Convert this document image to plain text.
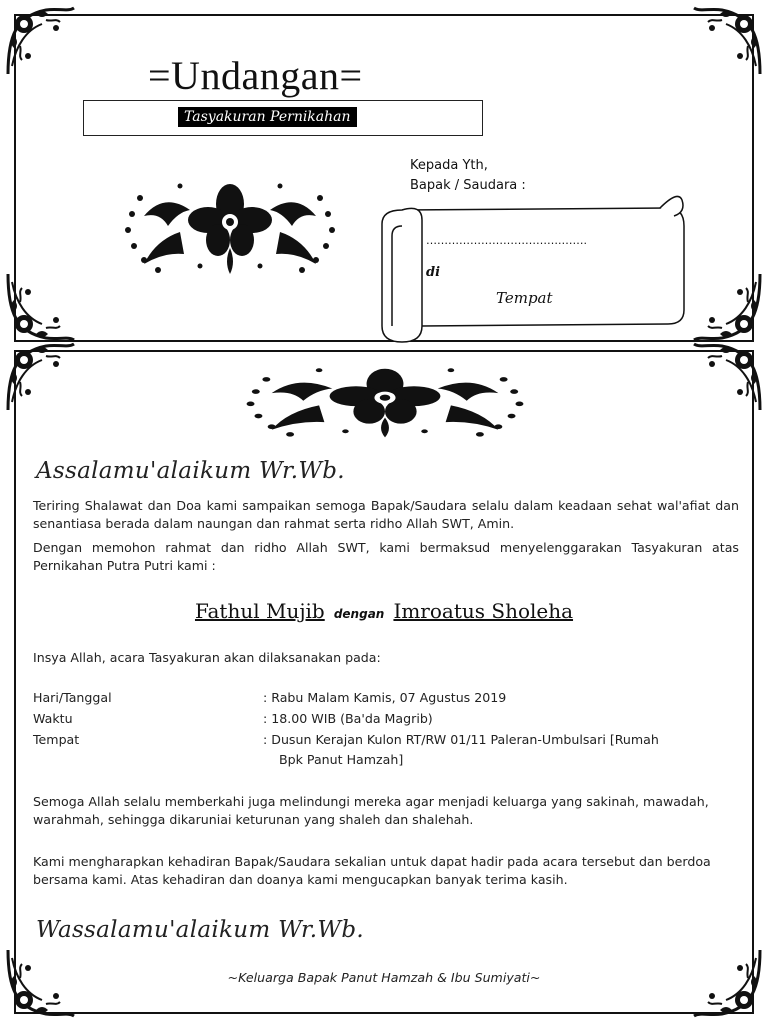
=Undangan=
Tasyakuran Pernikahan
Kepada Yth,
Bapak / Saudara :
……………………………….…….
di
Tempat
Assalamu'alaikum Wr.Wb.
Teriring Shalawat dan Doa kami sampaikan semoga Bapak/Saudara selalu dalam keadaan sehat wal'afiat dan senantiasa berada dalam naungan dan rahmat serta ridho Allah SWT, Amin.
Dengan memohon rahmat dan ridho Allah SWT, kami bermaksud menyelenggarakan Tasyakuran atas Pernikahan Putra Putri kami :
Fathul Mujib dengan Imroatus Sholeha
Insya Allah, acara Tasyakuran akan dilaksanakan pada:
Hari/Tanggal	: Rabu Malam Kamis, 07 Agustus 2019
Waktu	: 18.00 WIB (Ba'da Magrib)
Tempat	: Dusun Kerajan Kulon RT/RW 01/11 Paleran-Umbulsari [Rumah
Bpk Panut Hamzah]
Semoga Allah selalu memberkahi juga melindungi mereka agar menjadi keluarga yang sakinah, mawadah, warahmah, sehingga dikaruniai keturunan yang shaleh dan shalehah.
Kami mengharapkan kehadiran Bapak/Saudara sekalian untuk dapat hadir pada acara tersebut dan berdoa bersama kami. Atas kehadiran dan doanya kami mengucapkan banyak terima kasih.
Wassalamu'alaikum Wr.Wb.
~Keluarga Bapak Panut Hamzah & Ibu Sumiyati~
